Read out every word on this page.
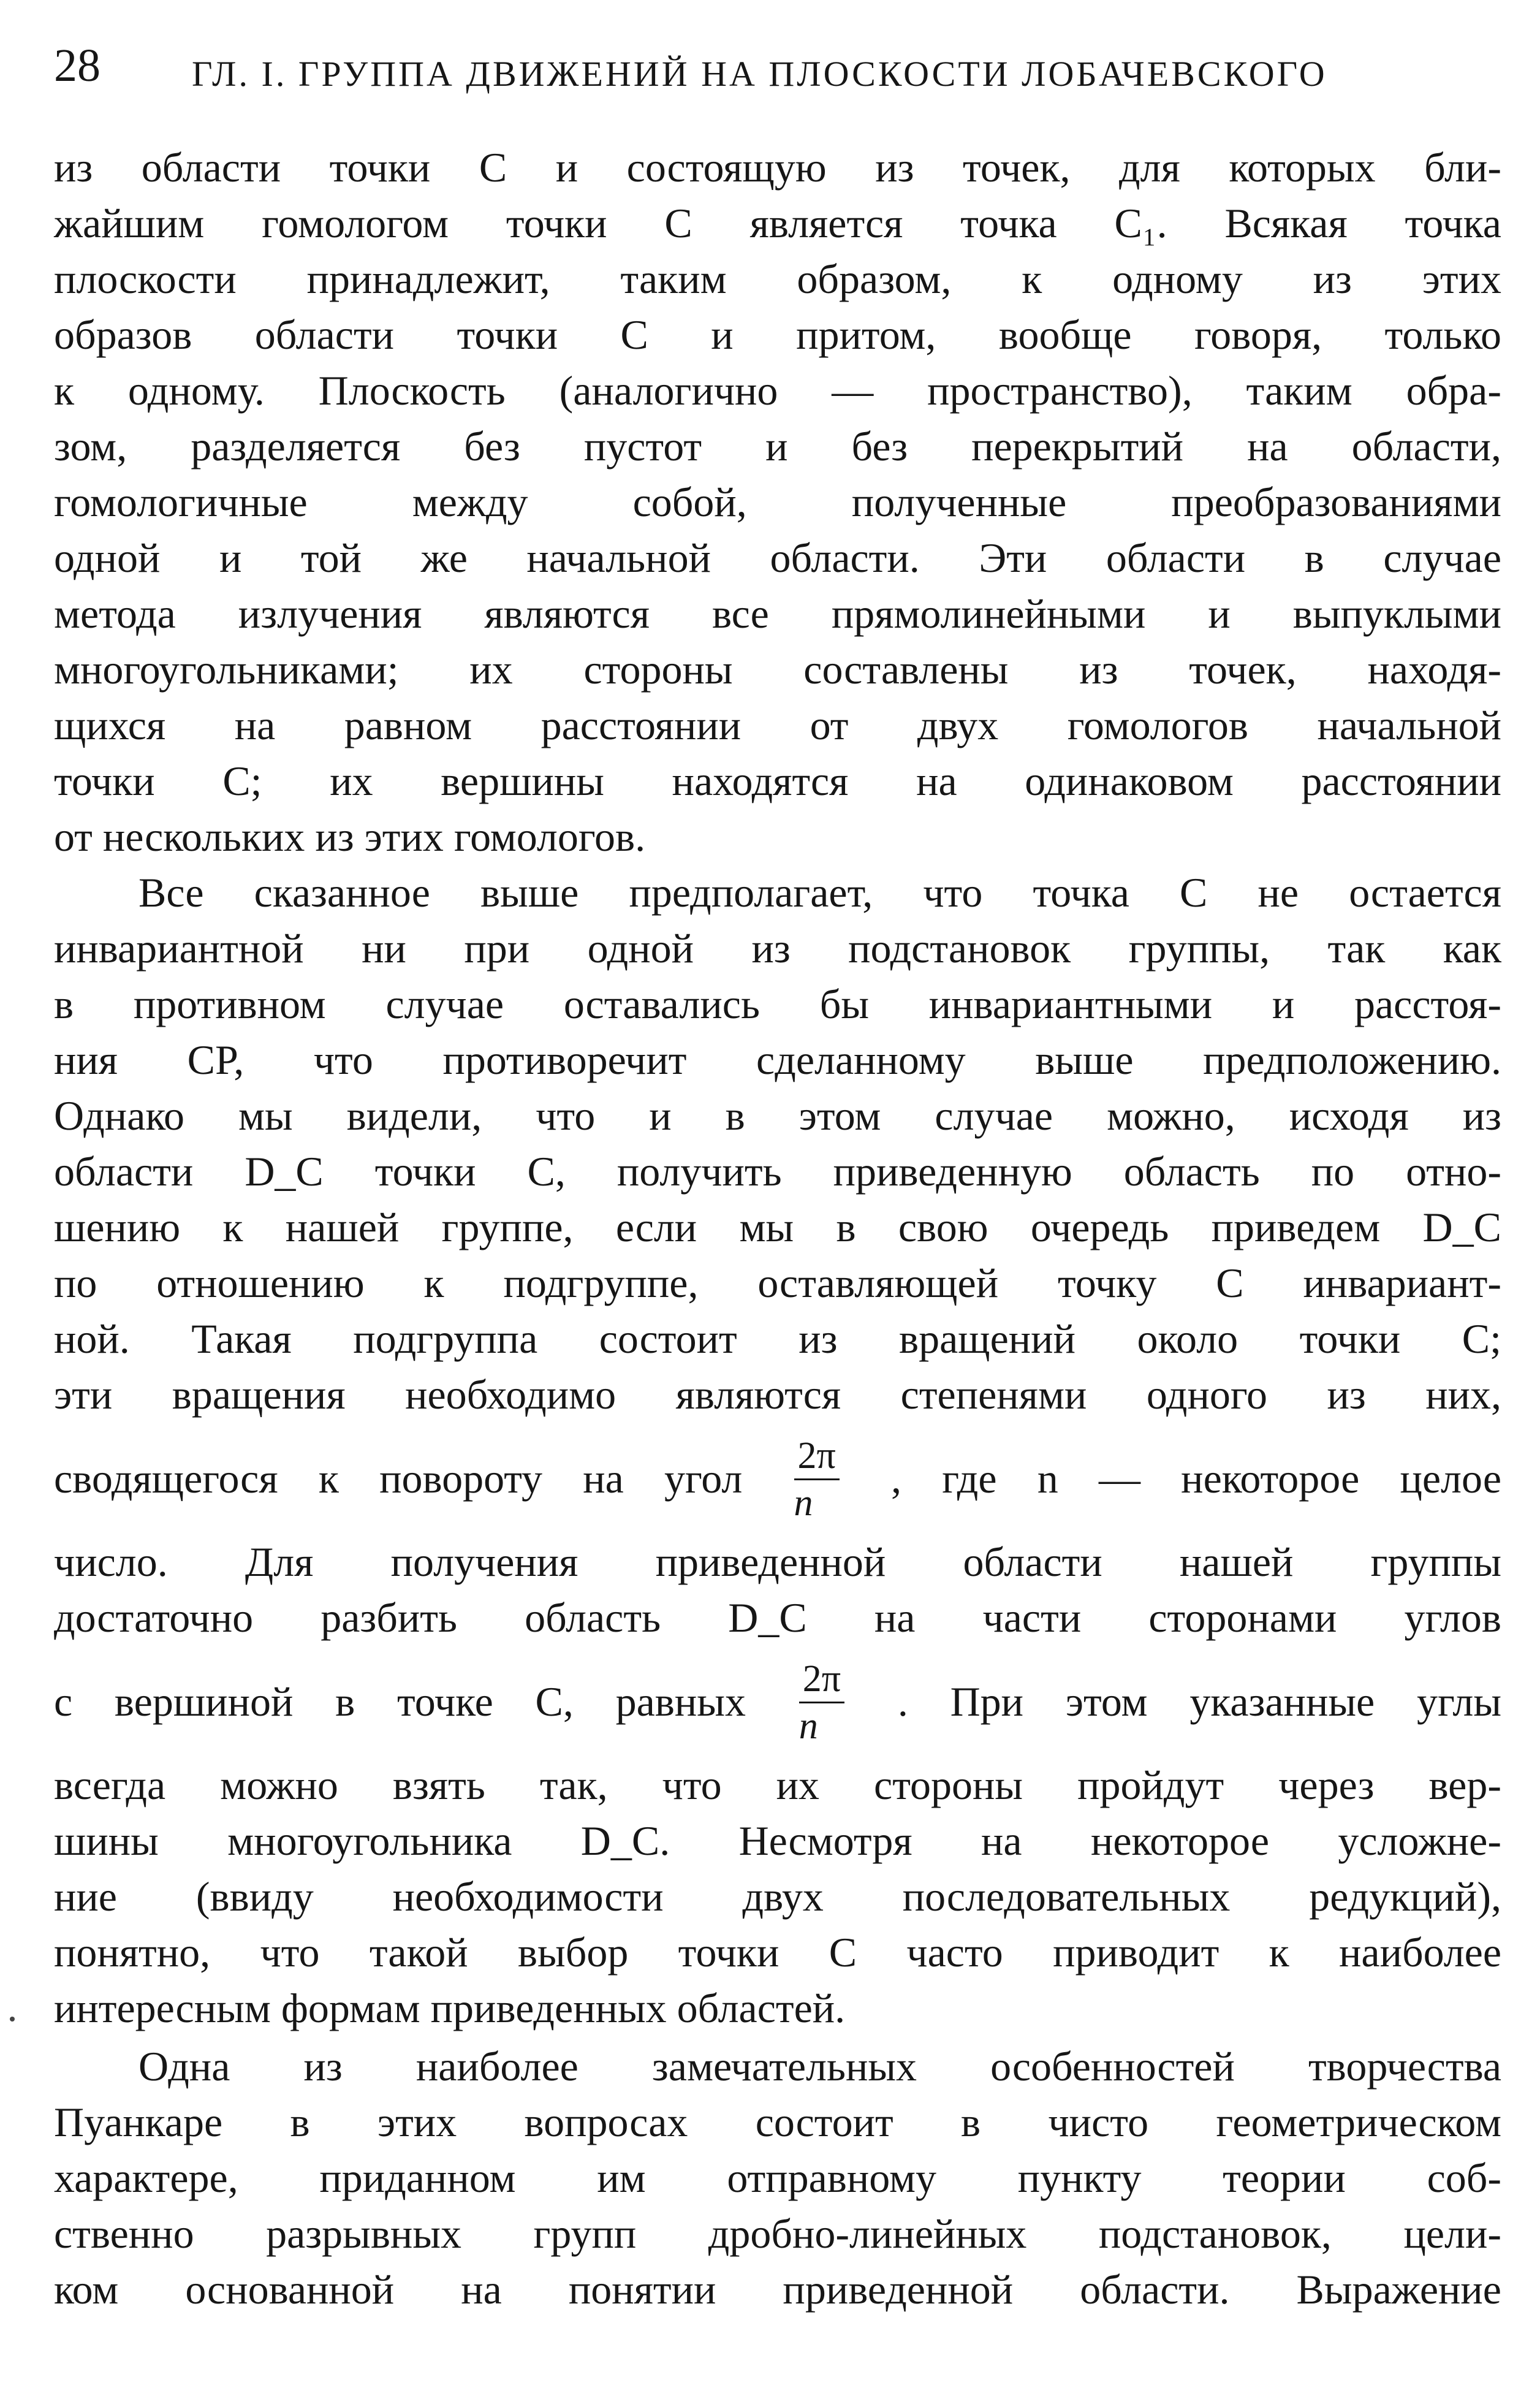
28	ГЛ. I. ГРУППА ДВИЖЕНИЙ НА ПЛОСКОСТИ ЛОБАЧЕВСКОГО
из области точки C и состоящую из точек, для которых бли-
жайшим гомологом точки C является точка C₁. Всякая точка
плоскости принадлежит, таким образом, к одному из этих
образов области точки C и притом, вообще говоря, только
к одному. Плоскость (аналогично — пространство), таким обра-
зом, разделяется без пустот и без перекрытий на области,
гомологичные между собой, полученные преобразованиями
одной и той же начальной области. Эти области в случае
метода излучения являются все прямолинейными и выпуклыми
многоугольниками; их стороны составлены из точек, находя-
щихся на равном расстоянии от двух гомологов начальной
точки C; их вершины находятся на одинаковом расстоянии
от нескольких из этих гомологов.
Все сказанное выше предполагает, что точка C не остается
инвариантной ни при одной из подстановок группы, так как
в противном случае оставались бы инвариантными и расстоя-
ния CP, что противоречит сделанному выше предположению.
Однако мы видели, что и в этом случае можно, исходя из
области D_C точки C, получить приведенную область по отно-
шению к нашей группе, если мы в свою очередь приведем D_C
по отношению к подгруппе, оставляющей точку C инвариант-
ной. Такая подгруппа состоит из вращений около точки C;
эти вращения необходимо являются степенями одного из них,
сводящегося к повороту на угол $\frac{2\pi}{n}$ , где n — некоторое целое
число. Для получения приведенной области нашей группы
достаточно разбить область D_C на части сторонами углов
с вершиной в точке C, равных $\frac{2\pi}{n}$ . При этом указанные углы
всегда можно взять так, что их стороны пройдут через вер-
шины многоугольника D_C. Несмотря на некоторое усложне-
ние (ввиду необходимости двух последовательных редукций),
понятно, что такой выбор точки C часто приводит к наиболее
интересным формам приведенных областей.
Одна из наиболее замечательных особенностей творчества
Пуанкаре в этих вопросах состоит в чисто геометрическом
характере, приданном им отправному пункту теории соб-
ственно разрывных групп дробно-линейных подстановок, цели-
ком основанной на понятии приведенной области. Выражение
